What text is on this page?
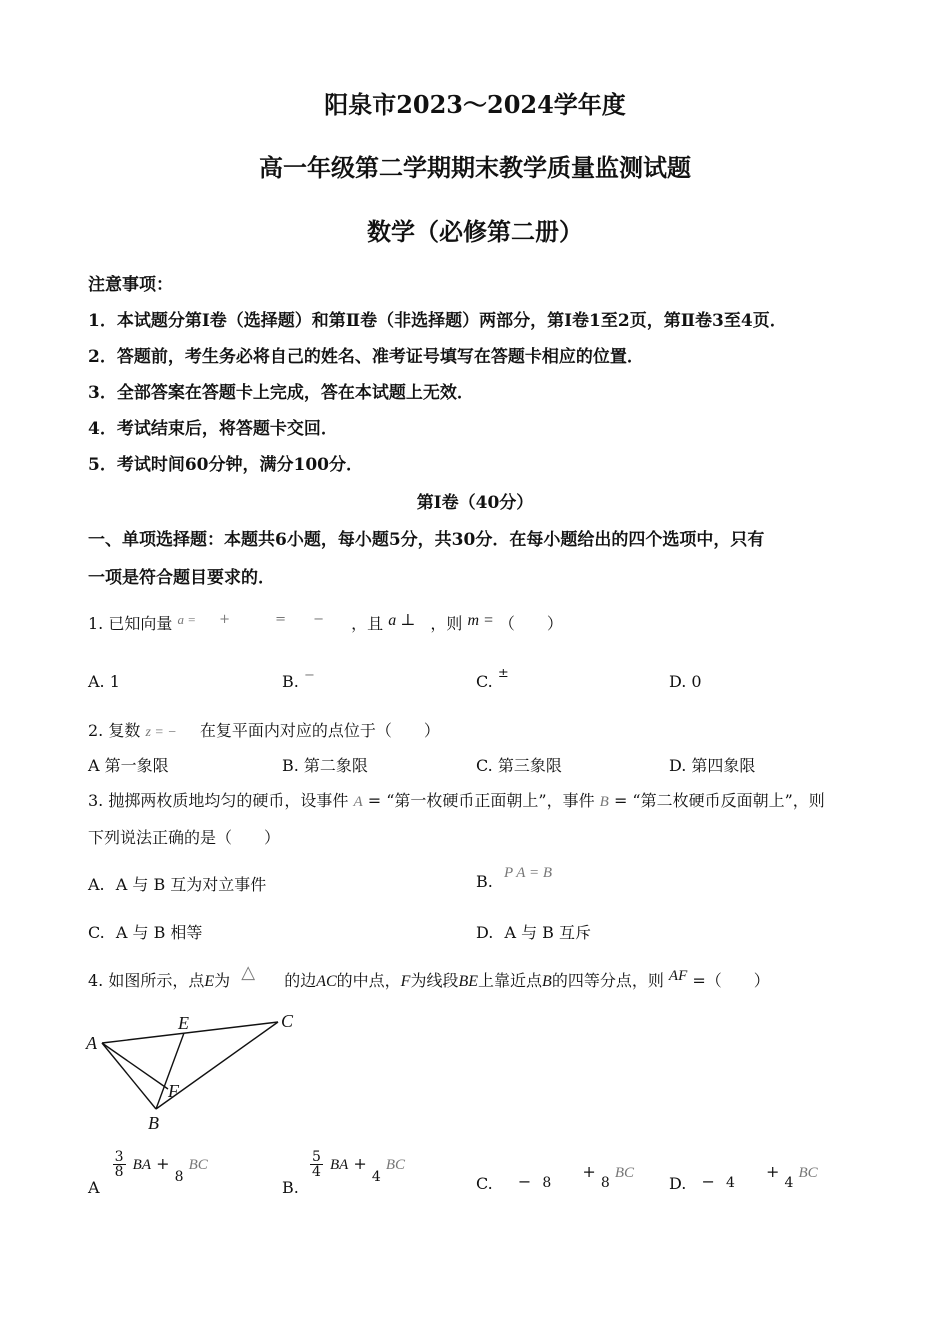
阳泉市2023～2024学年度
高一年级第二学期期末教学质量监测试题
数学（必修第二册）
注意事项：
1．本试题分第Ⅰ卷（选择题）和第Ⅱ卷（非选择题）两部分，第Ⅰ卷1至2页，第Ⅱ卷3至4页．
2．答题前，考生务必将自己的姓名、准考证号填写在答题卡相应的位置．
3．全部答案在答题卡上完成，答在本试题上无效．
4．考试结束后，将答题卡交回．
5．考试时间60分钟，满分100分．
第Ⅰ卷（40分）
一、单项选择题：本题共6小题，每小题5分，共30分．在每小题给出的四个选项中，只有
一项是符合题目要求的．
1. 已知向量 $^{a =}$ +	= − ，且 a ⊥ ，则 m = （　　）
A. 1	B. −	C. ±	D. 0
2. 复数 z = − 在复平面内对应的点位于（　　）
A 第一象限	B. 第二象限	C. 第三象限	D. 第四象限
3. 抛掷两枚质地均匀的硬币，设事件 A = “第一枚硬币正面朝上”，事件 B = “第二枚硬币反面朝上”，则
下列说法正确的是（　　）
A. A 与 B 互为对立事件	B. P A = B
C. A 与 B 相等	D. A 与 B 互斥
4. 如图所示，点E为 △ 的边AC的中点，F为线段BE上靠近点B的四等分点，则 AF =（　　）
A
E	C
F
B
A
$\frac{3}{8}$ BA + 8 BC
B.
$\frac{5}{4}$ BA + 4 BC
C. − 8 + 8 BC
D. − 4 + 4 BC
